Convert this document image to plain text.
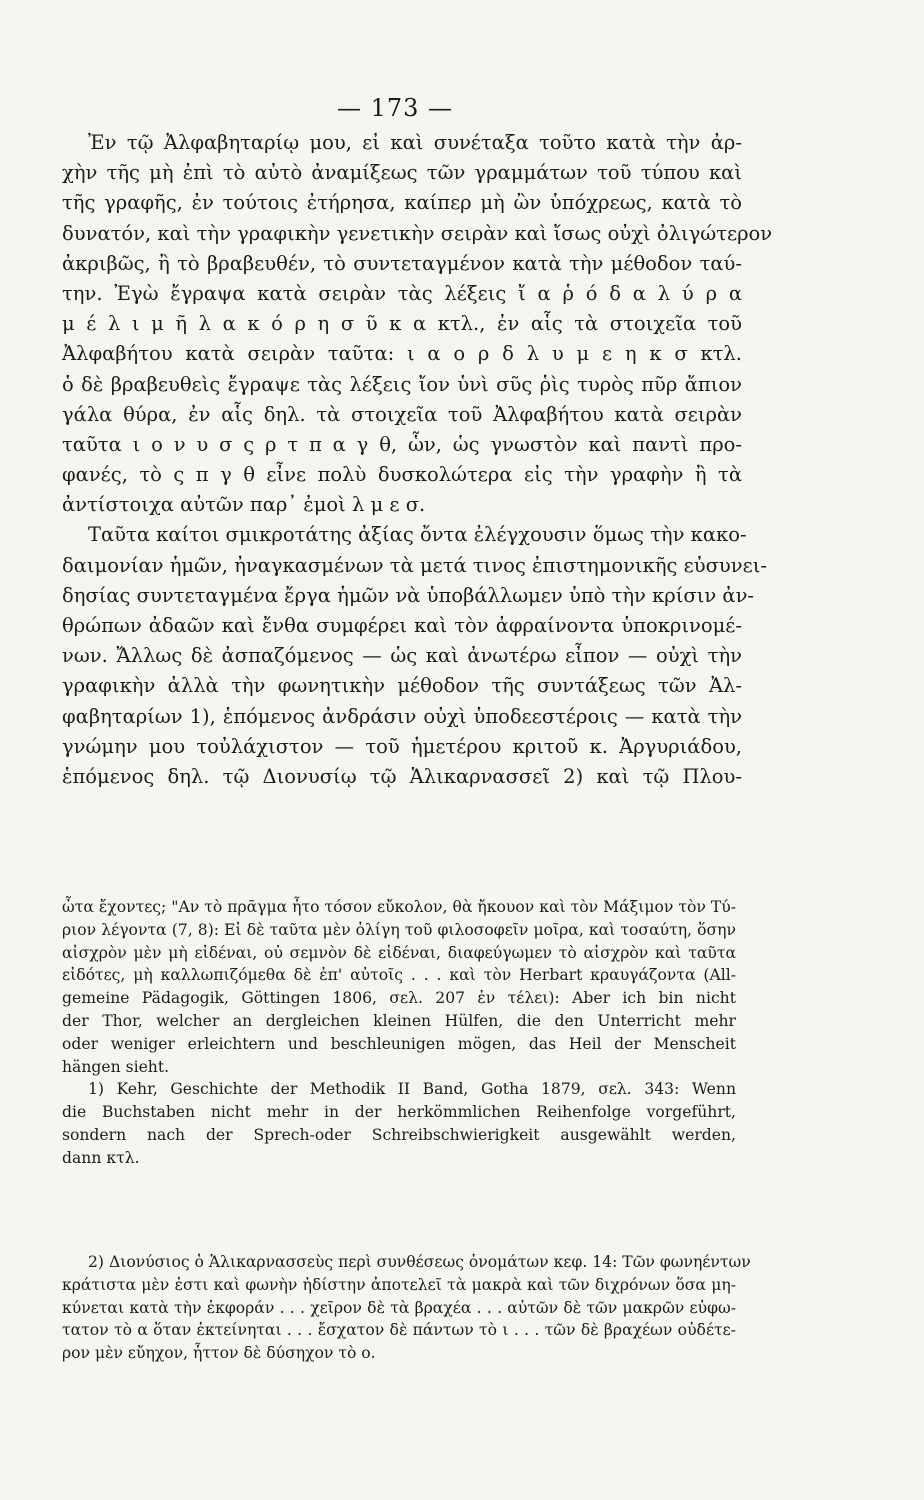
— 173 —
Ἐν τῷ Ἀλφαβηταρίῳ μου, εἰ καὶ συνέταξα τοῦτο κατὰ τὴν ἀρ-
χὴν τῆς μὴ ἐπὶ τὸ αὐτὸ ἀναμίξεως τῶν γραμμάτων τοῦ τύπου καὶ
τῆς γραφῆς, ἐν τούτοις ἐτήρησα, καίπερ μὴ ὢν ὑπόχρεως, κατὰ τὸ
δυνατόν, καὶ τὴν γραφικὴν γενετικὴν σειρὰν καὶ ἴσως οὐχὶ ὀλιγώτερον
ἀκριβῶς, ἢ τὸ βραβευθέν, τὸ συντεταγμένον κατὰ τὴν μέθοδον ταύ-
την. Ἐγὼ ἔγραψα κατὰ σειρὰν τὰς λέξεις ἴ α ῥ ό δ α λ ύ ρ α
μ έ λ ι μ ῆ λ α κ ό ρ η σ ῦ κ α κτλ., ἐν αἷς τὰ στοιχεῖα τοῦ
Ἀλφαβήτου κατὰ σειρὰν ταῦτα: ι α ο ρ δ λ υ μ ε η κ σ κτλ.
ὁ δὲ βραβευθεὶς ἔγραψε τὰς λέξεις ἴον ὑνὶ σῦς ῥὶς τυρὸς πῦρ ἄπιον
γάλα θύρα, ἐν αἷς δηλ. τὰ στοιχεῖα τοῦ Ἀλφαβήτου κατὰ σειρὰν
ταῦτα ι ο ν υ σ ς ρ τ π α γ θ, ὧν, ὡς γνωστὸν καὶ παντὶ προ-
φανές, τὸ ς π γ θ εἶνε πολὺ δυσκολώτερα εἰς τὴν γραφὴν ἢ τὰ
ἀντίστοιχα αὐτῶν παρ᾽ ἐμοὶ λ μ ε σ.
Ταῦτα καίτοι σμικροτάτης ἀξίας ὄντα ἐλέγχουσιν ὅμως τὴν κακο-
δαιμονίαν ἡμῶν, ἠναγκασμένων τὰ μετά τινος ἐπιστημονικῆς εὐσυνει-
δησίας συντεταγμένα ἔργα ἡμῶν νὰ ὑποβάλλωμεν ὑπὸ τὴν κρίσιν ἀν-
θρώπων ἀδαῶν καὶ ἔνθα συμφέρει καὶ τὸν ἀφραίνοντα ὑποκρινομέ-
νων. Ἄλλως δὲ ἀσπαζόμενος — ὡς καὶ ἀνωτέρω εἶπον — οὐχὶ τὴν
γραφικὴν ἀλλὰ τὴν φωνητικὴν μέθοδον τῆς συντάξεως τῶν Ἀλ-
φαβηταρίων 1), ἑπόμενος ἀνδράσιν οὐχὶ ὑποδεεστέροις — κατὰ τὴν
γνώμην μου τοὐλάχιστον — τοῦ ἡμετέρου κριτοῦ κ. Ἀργυριάδου,
ἑπόμενος δηλ. τῷ Διονυσίῳ τῷ Ἁλικαρνασσεῖ 2) καὶ τῷ Πλου-
ὦτα ἔχοντες; "Αν τὸ πρᾶγμα ἦτο τόσον εὔκολον, θὰ ἤκουον καὶ τὸν Μάξιμον τὸν Τύ-
ριον λέγοντα (7, 8): Εἰ δὲ ταῦτα μὲν ὀλίγη τοῦ φιλοσοφεῖν μοῖρα, καὶ τοσαύτη, ὅσην
αἰσχρὸν μὲν μὴ εἰδέναι, οὐ σεμνὸν δὲ εἰδέναι, διαφεύγωμεν τὸ αἰσχρὸν καὶ ταῦτα
εἰδότες, μὴ καλλωπιζόμεθα δὲ ἐπ' αὐτοῖς . . . καὶ τὸν Herbart κραυγάζοντα (All-
gemeine Pädagogik, Göttingen 1806, σελ. 207 ἐν τέλει): Aber ich bin nicht
der Thor, welcher an dergleichen kleinen Hülfen, die den Unterricht mehr
oder weniger erleichtern und beschleunigen mögen, das Heil der Menscheit
hängen sieht.
1) Kehr, Geschichte der Methodik II Band, Gotha 1879, σελ. 343: Wenn
die Buchstaben nicht mehr in der herkömmlichen Reihenfolge vorgeführt,
sondern nach der Sprech-oder Schreibschwierigkeit ausgewählt werden,
dann κτλ.
2) Διονύσιος ὁ Ἁλικαρνασσεὺς περὶ συνθέσεως ὀνομάτων κεφ. 14: Τῶν φωνηέντων
κράτιστα μὲν ἐστι καὶ φωνὴν ἠδίστην ἀποτελεῖ τὰ μακρὰ καὶ τῶν διχρόνων ὅσα μη-
κύνεται κατὰ τὴν ἐκφοράν . . . χεῖρον δὲ τὰ βραχέα . . . αὐτῶν δὲ τῶν μακρῶν εὐφω-
τατον τὸ α ὅταν ἐκτείνηται . . . ἔσχατον δὲ πάντων τὸ ι . . . τῶν δὲ βραχέων οὐδέτε-
ρον μὲν εὔηχον, ἧττον δὲ δύσηχον τὸ ο.
